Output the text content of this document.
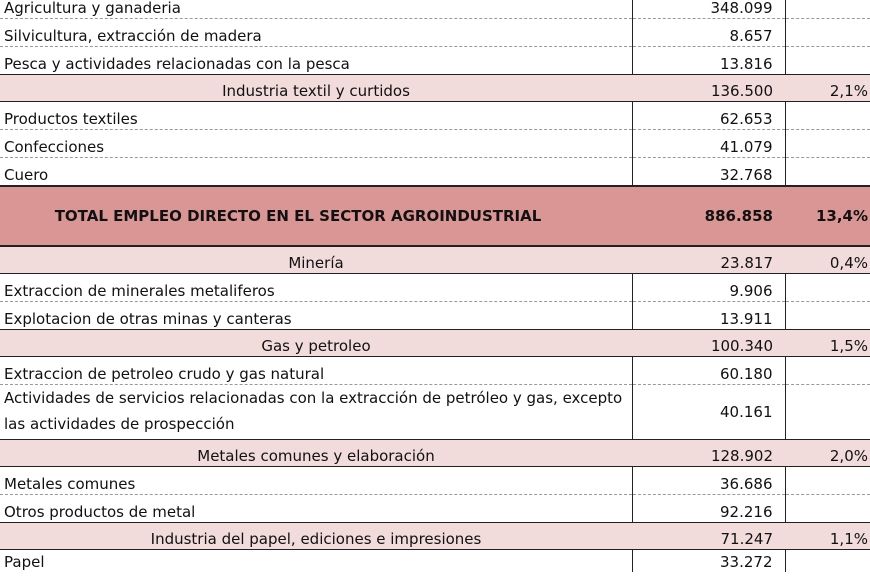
Agricultura y ganaderia	348.099	
Silvicultura, extracción de madera	8.657	
Pesca y actividades relacionadas con la pesca	13.816	
Industria textil y curtidos	136.500	2,1%
Productos textiles	62.653	
Confecciones	41.079	
Cuero	32.768	
TOTAL EMPLEO DIRECTO EN EL SECTOR AGROINDUSTRIAL	886.858	13,4%
Minería	23.817	0,4%
Extraccion de minerales metaliferos	9.906	
Explotacion de otras minas y canteras	13.911	
Gas y petroleo	100.340	1,5%
Extraccion de petroleo crudo y gas natural	60.180	
Actividades de servicios relacionadas con la extracción de petróleo y gas, excepto las actividades de prospección	40.161	
Metales comunes y elaboración	128.902	2,0%
Metales comunes	36.686	
Otros productos de metal	92.216	
Industria del papel, ediciones e impresiones	71.247	1,1%
Papel	33.272	
